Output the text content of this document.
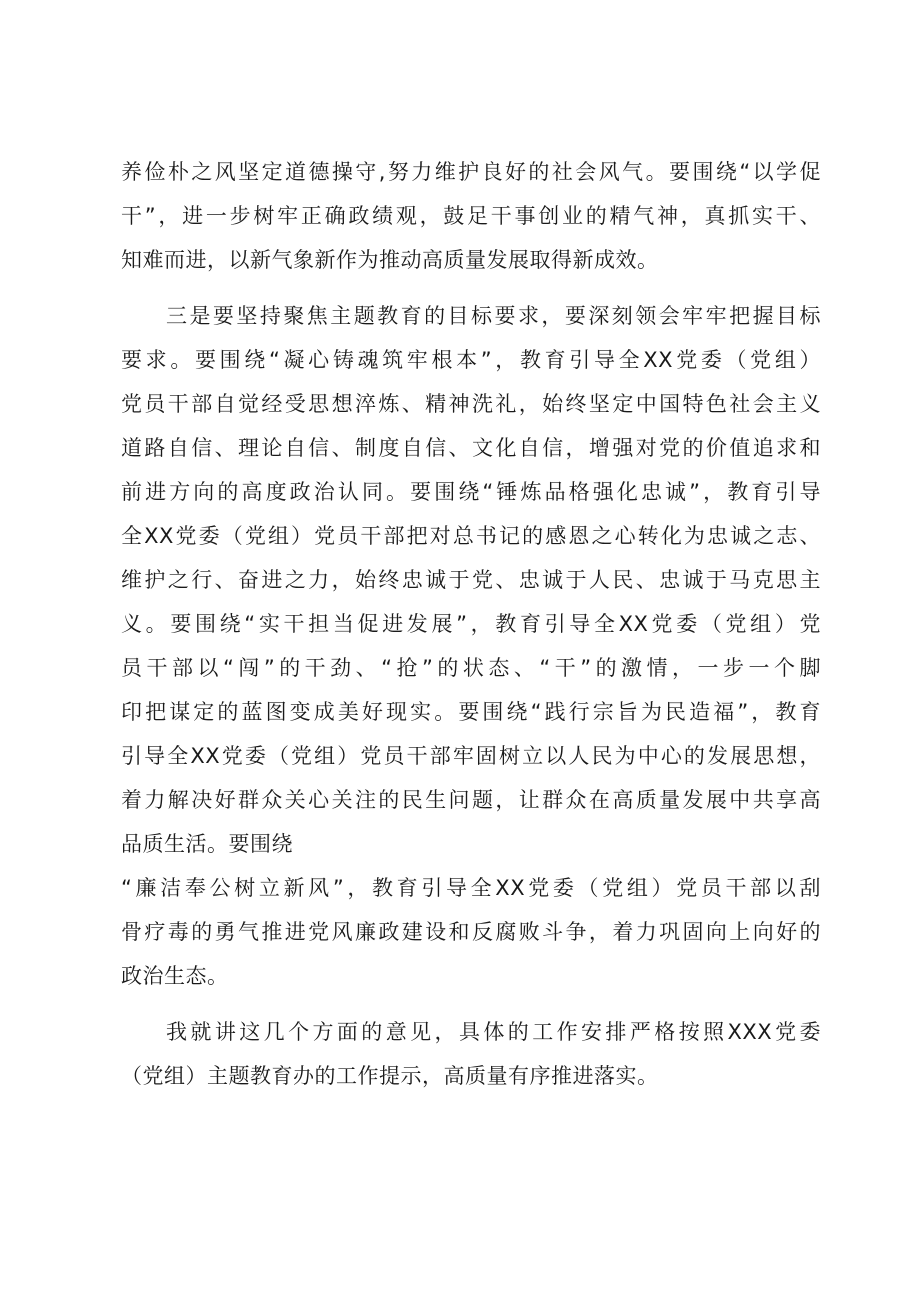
养俭朴之风坚定道德操守,努力维护良好的社会风气。要围绕“以学促
干”，进一步树牢正确政绩观，鼓足干事创业的精气神，真抓实干、
知难而进，以新气象新作为推动高质量发展取得新成效。
三是要坚持聚焦主题教育的目标要求，要深刻领会牢牢把握目标
要求。要围绕“凝心铸魂筑牢根本”，教育引导全XX党委（党组）
党员干部自觉经受思想淬炼、精神洗礼，始终坚定中国特色社会主义
道路自信、理论自信、制度自信、文化自信，增强对党的价值追求和
前进方向的高度政治认同。要围绕“锤炼品格强化忠诚”，教育引导
全XX党委（党组）党员干部把对总书记的感恩之心转化为忠诚之志、
维护之行、奋进之力，始终忠诚于党、忠诚于人民、忠诚于马克思主
义。要围绕“实干担当促进发展”，教育引导全XX党委（党组）党
员干部以“闯”的干劲、“抢”的状态、“干”的激情，一步一个脚
印把谋定的蓝图变成美好现实。要围绕“践行宗旨为民造福”，教育
引导全XX党委（党组）党员干部牢固树立以人民为中心的发展思想，
着力解决好群众关心关注的民生问题，让群众在高质量发展中共享高
品质生活。要围绕
“廉洁奉公树立新风”，教育引导全XX党委（党组）党员干部以刮
骨疗毒的勇气推进党风廉政建设和反腐败斗争，着力巩固向上向好的
政治生态。
我就讲这几个方面的意见，具体的工作安排严格按照XXX党委
（党组）主题教育办的工作提示，高质量有序推进落实。
